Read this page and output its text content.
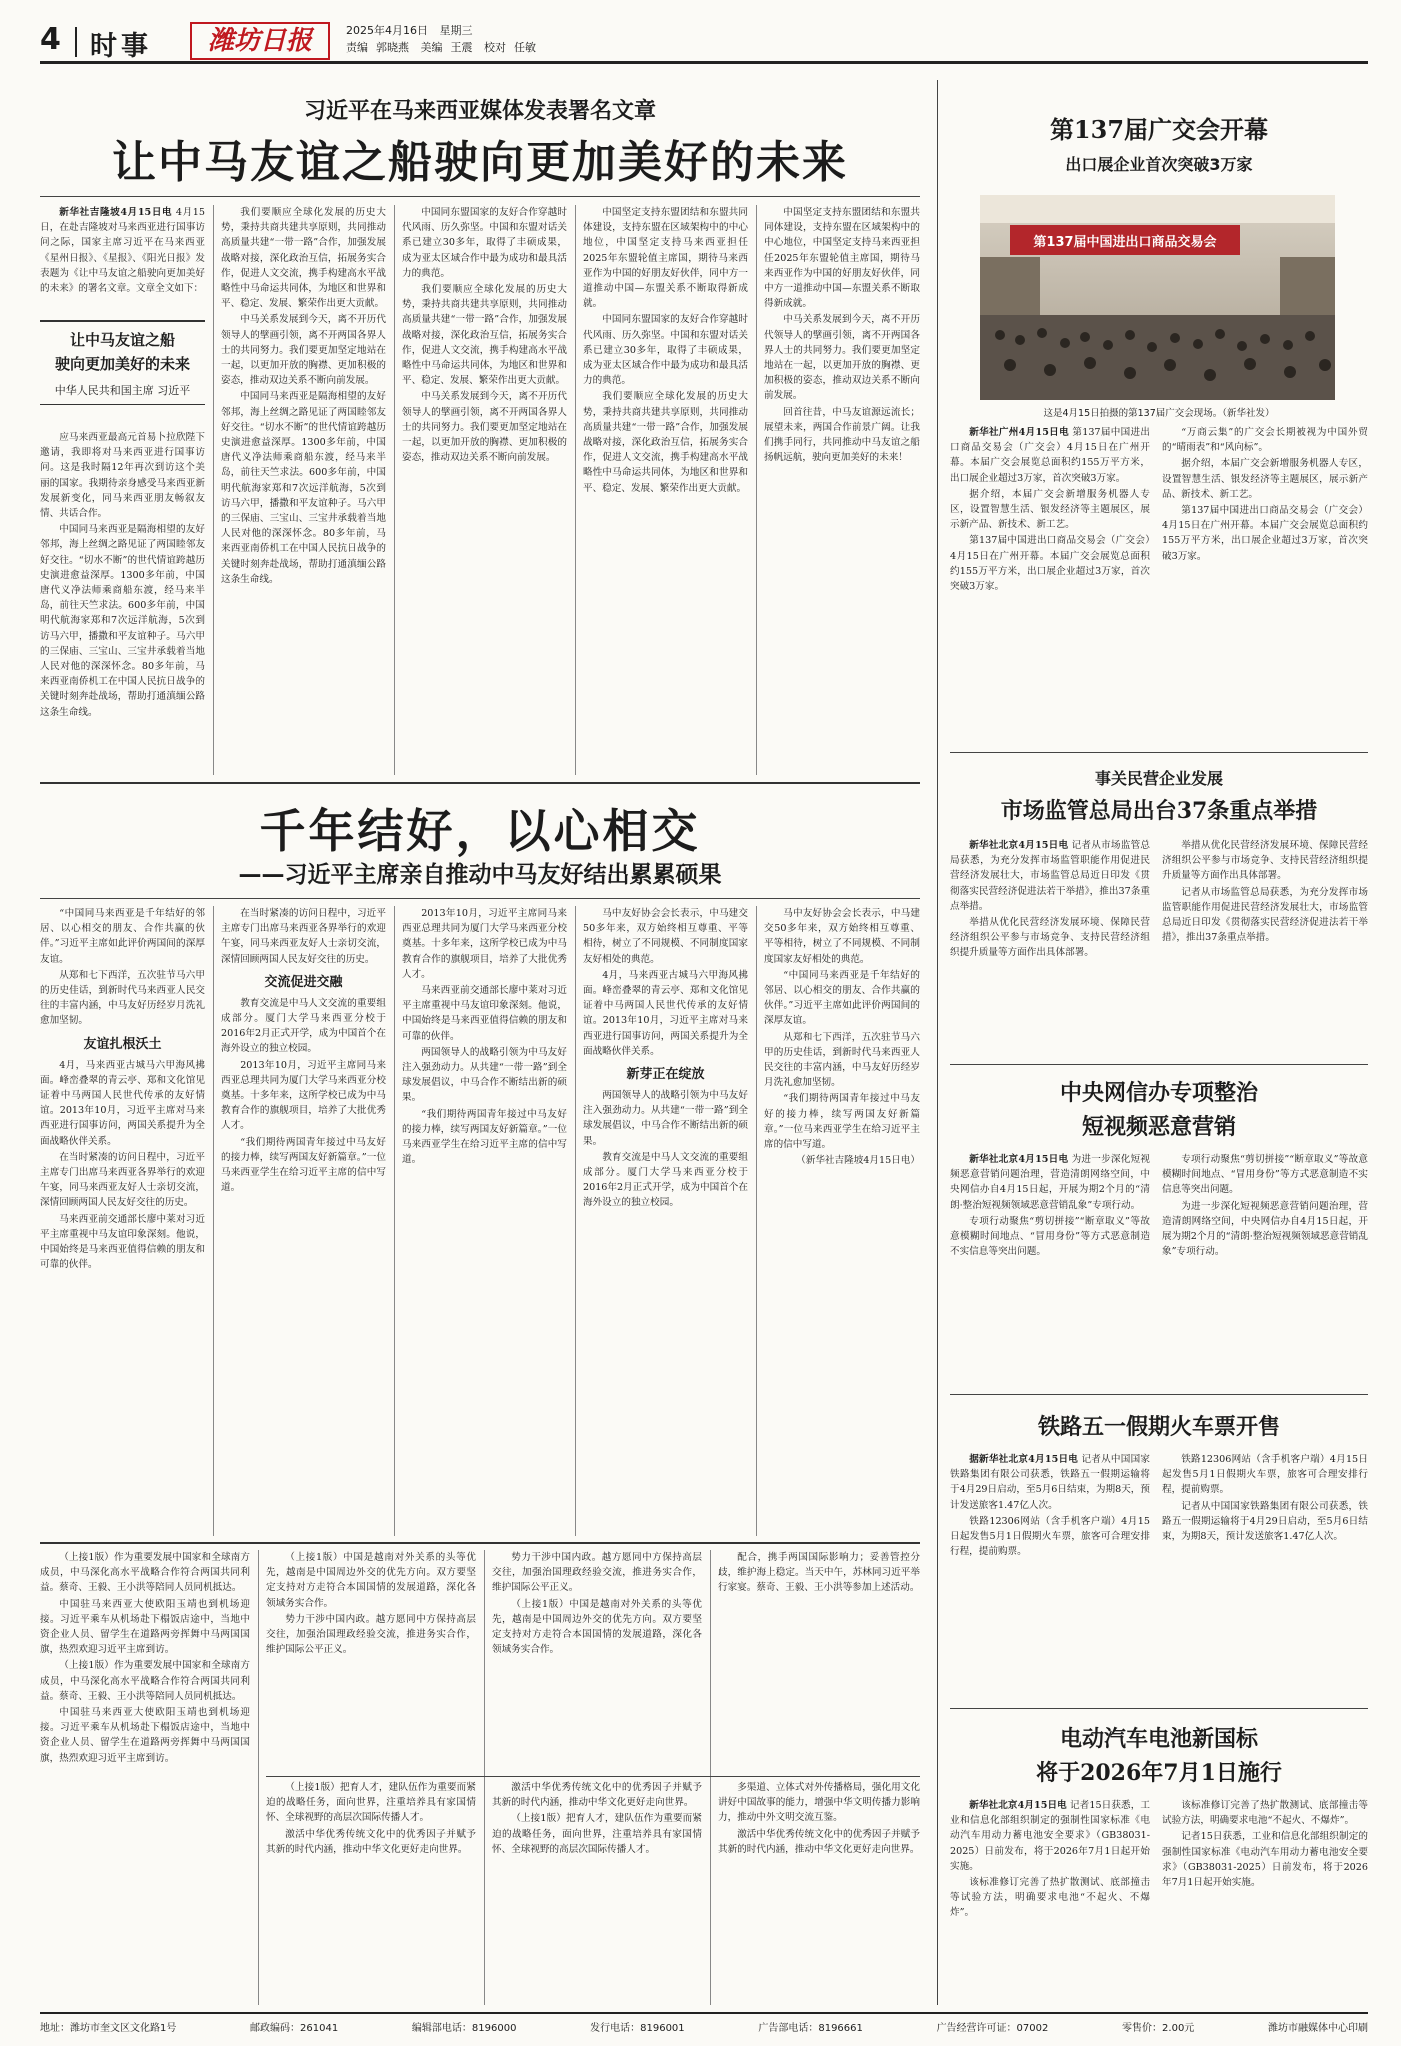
4 时事	潍坊日报	2025年4月16日 星期三
责编 郭晓燕 美编 王震 校对 任敏
习近平在马来西亚媒体发表署名文章
让中马友谊之船驶向更加美好的未来

新华社吉隆坡4月15日电 4月15日，在赴吉隆坡对马来西亚进行国事访问之际，国家主席习近平在马来西亚《星州日报》、《星报》、《阳光日报》发表题为《让中马友谊之船驶向更加美好的未来》的署名文章。文章全文如下：

让中马友谊之船
驶向更加美好的未来
中华人民共和国主席 习近平

应马来西亚最高元首易卜拉欣陛下邀请，我即将对马来西亚进行国事访问。这是我时隔12年再次到访这个美丽的国家。我期待亲身感受马来西亚新发展新变化，同马来西亚朋友畅叙友情、共话合作。

中国同马来西亚是隔海相望的友好邻邦，海上丝绸之路见证了两国睦邻友好交往。“切水不断”的世代情谊跨越历史演进愈益深厚。1300多年前，中国唐代义净法师乘商船东渡，经马来半岛，前往天竺求法。600多年前，中国明代航海家郑和7次远洋航海，5次到访马六甲，播撒和平友谊种子。马六甲的三保庙、三宝山、三宝井承载着当地人民对他的深深怀念。80多年前，马来西亚南侨机工在中国人民抗日战争的关键时刻奔赴战场，帮助打通滇缅公路这条生命线。

我们要顺应全球化发展的历史大势，秉持共商共建共享原则，共同推动高质量共建“一带一路”合作，加强发展战略对接，深化政治互信，拓展务实合作，促进人文交流，携手构建高水平战略性中马命运共同体，为地区和世界和平、稳定、发展、繁荣作出更大贡献。

中马关系发展到今天，离不开历代领导人的擘画引领，离不开两国各界人士的共同努力。我们要更加坚定地站在一起，以更加开放的胸襟、更加积极的姿态，推动双边关系不断向前发展。

中国同马来西亚是隔海相望的友好邻邦，海上丝绸之路见证了两国睦邻友好交往。“切水不断”的世代情谊跨越历史演进愈益深厚。1300多年前，中国唐代义净法师乘商船东渡，经马来半岛，前往天竺求法。600多年前，中国明代航海家郑和7次远洋航海，5次到访马六甲，播撒和平友谊种子。马六甲的三保庙、三宝山、三宝井承载着当地人民对他的深深怀念。80多年前，马来西亚南侨机工在中国人民抗日战争的关键时刻奔赴战场，帮助打通滇缅公路这条生命线。

中国同东盟国家的友好合作穿越时代风雨、历久弥坚。中国和东盟对话关系已建立30多年，取得了丰硕成果，成为亚太区域合作中最为成功和最具活力的典范。

我们要顺应全球化发展的历史大势，秉持共商共建共享原则，共同推动高质量共建“一带一路”合作，加强发展战略对接，深化政治互信，拓展务实合作，促进人文交流，携手构建高水平战略性中马命运共同体，为地区和世界和平、稳定、发展、繁荣作出更大贡献。

中马关系发展到今天，离不开历代领导人的擘画引领，离不开两国各界人士的共同努力。我们要更加坚定地站在一起，以更加开放的胸襟、更加积极的姿态，推动双边关系不断向前发展。

中国坚定支持东盟团结和东盟共同体建设，支持东盟在区域架构中的中心地位，中国坚定支持马来西亚担任2025年东盟轮值主席国，期待马来西亚作为中国的好朋友好伙伴，同中方一道推动中国—东盟关系不断取得新成就。

中国同东盟国家的友好合作穿越时代风雨、历久弥坚。中国和东盟对话关系已建立30多年，取得了丰硕成果，成为亚太区域合作中最为成功和最具活力的典范。

我们要顺应全球化发展的历史大势，秉持共商共建共享原则，共同推动高质量共建“一带一路”合作，加强发展战略对接，深化政治互信，拓展务实合作，促进人文交流，携手构建高水平战略性中马命运共同体，为地区和世界和平、稳定、发展、繁荣作出更大贡献。

中国坚定支持东盟团结和东盟共同体建设，支持东盟在区域架构中的中心地位，中国坚定支持马来西亚担任2025年东盟轮值主席国，期待马来西亚作为中国的好朋友好伙伴，同中方一道推动中国—东盟关系不断取得新成就。

中马关系发展到今天，离不开历代领导人的擘画引领，离不开两国各界人士的共同努力。我们要更加坚定地站在一起，以更加开放的胸襟、更加积极的姿态，推动双边关系不断向前发展。

回首往昔，中马友谊源远流长；展望未来，两国合作前景广阔。让我们携手同行，共同推动中马友谊之船扬帆远航，驶向更加美好的未来！

千年结好，以心相交
——习近平主席亲自推动中马友好结出累累硕果

“中国同马来西亚是千年结好的邻居、以心相交的朋友、合作共赢的伙伴。”习近平主席如此评价两国间的深厚友谊。

从郑和七下西洋，五次驻节马六甲的历史佳话，到新时代马来西亚人民交往的丰富内涵，中马友好历经岁月洗礼愈加坚韧。

友谊扎根沃土

4月，马来西亚古城马六甲海风拂面。峰峦叠翠的青云亭、郑和文化馆见证着中马两国人民世代传承的友好情谊。2013年10月，习近平主席对马来西亚进行国事访问，两国关系提升为全面战略伙伴关系。

在当时紧凑的访问日程中，习近平主席专门出席马来西亚各界举行的欢迎午宴，同马来西亚友好人士亲切交流，深情回顾两国人民友好交往的历史。

马来西亚前交通部长廖中莱对习近平主席重视中马友谊印象深刻。他说，中国始终是马来西亚值得信赖的朋友和可靠的伙伴。

在当时紧凑的访问日程中，习近平主席专门出席马来西亚各界举行的欢迎午宴，同马来西亚友好人士亲切交流，深情回顾两国人民友好交往的历史。

交流促进交融

教育交流是中马人文交流的重要组成部分。厦门大学马来西亚分校于2016年2月正式开学，成为中国首个在海外设立的独立校园。

2013年10月，习近平主席同马来西亚总理共同为厦门大学马来西亚分校奠基。十多年来，这所学校已成为中马教育合作的旗舰项目，培养了大批优秀人才。

“我们期待两国青年接过中马友好的接力棒，续写两国友好新篇章。”一位马来西亚学生在给习近平主席的信中写道。

2013年10月，习近平主席同马来西亚总理共同为厦门大学马来西亚分校奠基。十多年来，这所学校已成为中马教育合作的旗舰项目，培养了大批优秀人才。

马来西亚前交通部长廖中莱对习近平主席重视中马友谊印象深刻。他说，中国始终是马来西亚值得信赖的朋友和可靠的伙伴。

两国领导人的战略引领为中马友好注入强劲动力。从共建“一带一路”到全球发展倡议，中马合作不断结出新的硕果。

“我们期待两国青年接过中马友好的接力棒，续写两国友好新篇章。”一位马来西亚学生在给习近平主席的信中写道。

马中友好协会会长表示，中马建交50多年来，双方始终相互尊重、平等相待，树立了不同规模、不同制度国家友好相处的典范。

4月，马来西亚古城马六甲海风拂面。峰峦叠翠的青云亭、郑和文化馆见证着中马两国人民世代传承的友好情谊。2013年10月，习近平主席对马来西亚进行国事访问，两国关系提升为全面战略伙伴关系。

新芽正在绽放

两国领导人的战略引领为中马友好注入强劲动力。从共建“一带一路”到全球发展倡议，中马合作不断结出新的硕果。

教育交流是中马人文交流的重要组成部分。厦门大学马来西亚分校于2016年2月正式开学，成为中国首个在海外设立的独立校园。

马中友好协会会长表示，中马建交50多年来，双方始终相互尊重、平等相待，树立了不同规模、不同制度国家友好相处的典范。

“中国同马来西亚是千年结好的邻居、以心相交的朋友、合作共赢的伙伴。”习近平主席如此评价两国间的深厚友谊。

从郑和七下西洋，五次驻节马六甲的历史佳话，到新时代马来西亚人民交往的丰富内涵，中马友好历经岁月洗礼愈加坚韧。

“我们期待两国青年接过中马友好的接力棒，续写两国友好新篇章。”一位马来西亚学生在给习近平主席的信中写道。

（新华社吉隆坡4月15日电）

（上接1版）作为重要发展中国家和全球南方成员，中马深化高水平战略合作符合两国共同利益。蔡奇、王毅、王小洪等陪同人员同机抵达。

中国驻马来西亚大使欧阳玉靖也到机场迎接。习近平乘车从机场赴下榻饭店途中，当地中资企业人员、留学生在道路两旁挥舞中马两国国旗，热烈欢迎习近平主席到访。

（上接1版）作为重要发展中国家和全球南方成员，中马深化高水平战略合作符合两国共同利益。蔡奇、王毅、王小洪等陪同人员同机抵达。

中国驻马来西亚大使欧阳玉靖也到机场迎接。习近平乘车从机场赴下榻饭店途中，当地中资企业人员、留学生在道路两旁挥舞中马两国国旗，热烈欢迎习近平主席到访。

（上接1版）中国是越南对外关系的头等优先，越南是中国周边外交的优先方向。双方要坚定支持对方走符合本国国情的发展道路，深化各领域务实合作。

势力干涉中国内政。越方愿同中方保持高层交往，加强治国理政经验交流，推进务实合作，维护国际公平正义。

（上接1版）把育人才，建队伍作为重要而紧迫的战略任务，面向世界，注重培养具有家国情怀、全球视野的高层次国际传播人才。

激活中华优秀传统文化中的优秀因子并赋予其新的时代内涵，推动中华文化更好走向世界。

势力干涉中国内政。越方愿同中方保持高层交往，加强治国理政经验交流，推进务实合作，维护国际公平正义。

（上接1版）中国是越南对外关系的头等优先，越南是中国周边外交的优先方向。双方要坚定支持对方走符合本国国情的发展道路，深化各领域务实合作。

激活中华优秀传统文化中的优秀因子并赋予其新的时代内涵，推动中华文化更好走向世界。

（上接1版）把育人才，建队伍作为重要而紧迫的战略任务，面向世界，注重培养具有家国情怀、全球视野的高层次国际传播人才。

配合，携手两国国际影响力；妥善管控分歧，维护海上稳定。当天中午，苏林同习近平举行家宴。蔡奇、王毅、王小洪等参加上述活动。

多渠道、立体式对外传播格局，强化用文化讲好中国故事的能力，增强中华文明传播力影响力，推动中外文明交流互鉴。

激活中华优秀传统文化中的优秀因子并赋予其新的时代内涵，推动中华文化更好走向世界。

第137届广交会开幕
出口展企业首次突破3万家
第137届中国进出口商品交易会
这是4月15日拍摄的第137届广交会现场。（新华社发）

新华社广州4月15日电 第137届中国进出口商品交易会（广交会）4月15日在广州开幕。本届广交会展览总面积约155万平方米，出口展企业超过3万家，首次突破3万家。

据介绍，本届广交会新增服务机器人专区，设置智慧生活、银发经济等主题展区，展示新产品、新技术、新工艺。

第137届中国进出口商品交易会（广交会）4月15日在广州开幕。本届广交会展览总面积约155万平方米，出口展企业超过3万家，首次突破3万家。

“万商云集”的广交会长期被视为中国外贸的“晴雨表”和“风向标”。

据介绍，本届广交会新增服务机器人专区，设置智慧生活、银发经济等主题展区，展示新产品、新技术、新工艺。

第137届中国进出口商品交易会（广交会）4月15日在广州开幕。本届广交会展览总面积约155万平方米，出口展企业超过3万家，首次突破3万家。

事关民营企业发展
市场监管总局出台37条重点举措

新华社北京4月15日电 记者从市场监管总局获悉，为充分发挥市场监管职能作用促进民营经济发展壮大，市场监管总局近日印发《贯彻落实民营经济促进法若干举措》，推出37条重点举措。

举措从优化民营经济发展环境、保障民营经济组织公平参与市场竞争、支持民营经济组织提升质量等方面作出具体部署。

举措从优化民营经济发展环境、保障民营经济组织公平参与市场竞争、支持民营经济组织提升质量等方面作出具体部署。

记者从市场监管总局获悉，为充分发挥市场监管职能作用促进民营经济发展壮大，市场监管总局近日印发《贯彻落实民营经济促进法若干举措》，推出37条重点举措。

中央网信办专项整治
短视频恶意营销

新华社北京4月15日电 为进一步深化短视频恶意营销问题治理，营造清朗网络空间，中央网信办自4月15日起，开展为期2个月的“清朗·整治短视频领域恶意营销乱象”专项行动。

专项行动聚焦“剪切拼接”“断章取义”等故意模糊时间地点、“冒用身份”等方式恶意制造不实信息等突出问题。

专项行动聚焦“剪切拼接”“断章取义”等故意模糊时间地点、“冒用身份”等方式恶意制造不实信息等突出问题。

为进一步深化短视频恶意营销问题治理，营造清朗网络空间，中央网信办自4月15日起，开展为期2个月的“清朗·整治短视频领域恶意营销乱象”专项行动。

铁路五一假期火车票开售

据新华社北京4月15日电 记者从中国国家铁路集团有限公司获悉，铁路五一假期运输将于4月29日启动，至5月6日结束，为期8天，预计发送旅客1.47亿人次。

铁路12306网站（含手机客户端）4月15日起发售5月1日假期火车票，旅客可合理安排行程，提前购票。

铁路12306网站（含手机客户端）4月15日起发售5月1日假期火车票，旅客可合理安排行程，提前购票。

记者从中国国家铁路集团有限公司获悉，铁路五一假期运输将于4月29日启动，至5月6日结束，为期8天，预计发送旅客1.47亿人次。

电动汽车电池新国标
将于2026年7月1日施行

新华社北京4月15日电 记者15日获悉，工业和信息化部组织制定的强制性国家标准《电动汽车用动力蓄电池安全要求》（GB38031-2025）日前发布，将于2026年7月1日起开始实施。

该标准修订完善了热扩散测试、底部撞击等试验方法，明确要求电池“不起火、不爆炸”。

该标准修订完善了热扩散测试、底部撞击等试验方法，明确要求电池“不起火、不爆炸”。

记者15日获悉，工业和信息化部组织制定的强制性国家标准《电动汽车用动力蓄电池安全要求》（GB38031-2025）日前发布，将于2026年7月1日起开始实施。

地址：潍坊市奎文区文化路1号	邮政编码：261041	编辑部电话：8196000	发行电话：8196001	广告部电话：8196661	广告经营许可证：07002	零售价：2.00元	潍坊市融媒体中心印刷
